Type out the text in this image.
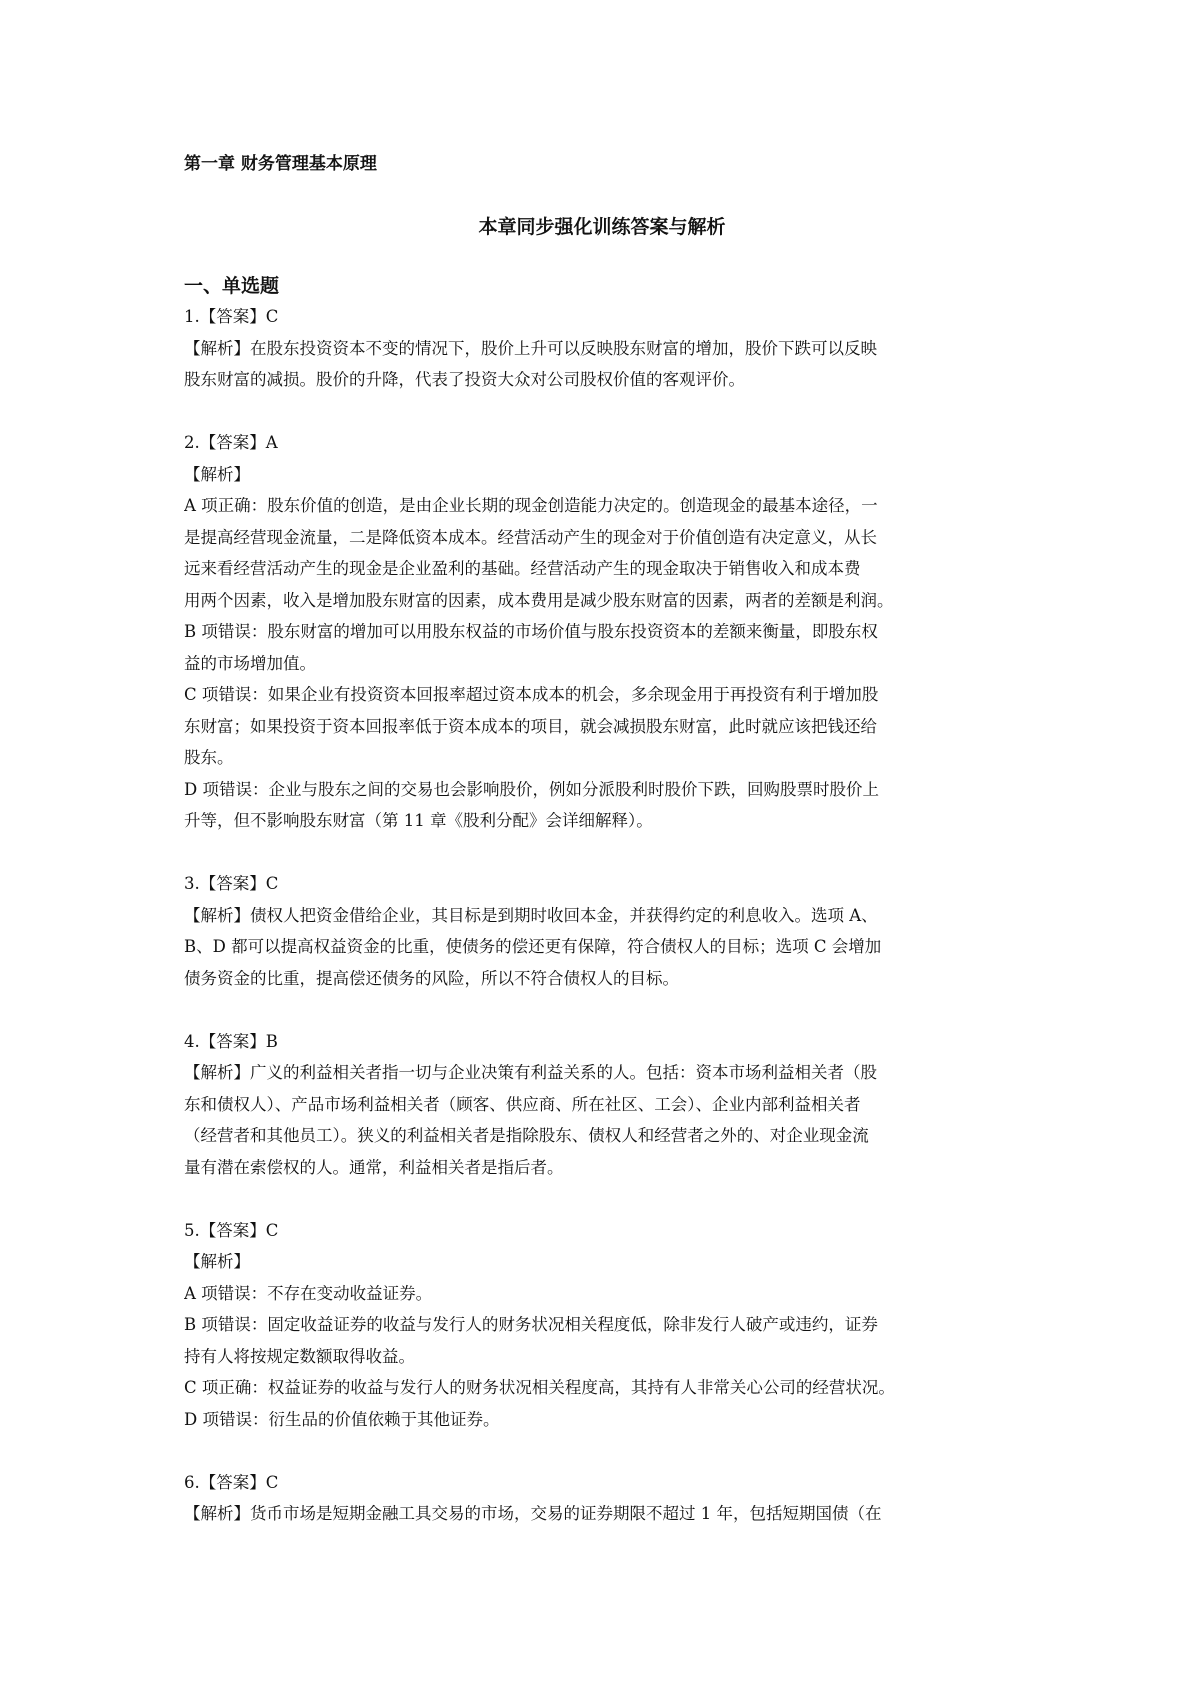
第一章 财务管理基本原理
本章同步强化训练答案与解析
一、单选题
1.【答案】C
【解析】在股东投资资本不变的情况下，股价上升可以反映股东财富的增加，股价下跌可以反映
股东财富的减损。股价的升降，代表了投资大众对公司股权价值的客观评价。
2.【答案】A
【解析】
A 项正确：股东价值的创造，是由企业长期的现金创造能力决定的。创造现金的最基本途径，一
是提高经营现金流量，二是降低资本成本。经营活动产生的现金对于价值创造有决定意义，从长
远来看经营活动产生的现金是企业盈利的基础。经营活动产生的现金取决于销售收入和成本费
用两个因素，收入是增加股东财富的因素，成本费用是减少股东财富的因素，两者的差额是利润。
B 项错误：股东财富的增加可以用股东权益的市场价值与股东投资资本的差额来衡量，即股东权
益的市场增加值。
C 项错误：如果企业有投资资本回报率超过资本成本的机会，多余现金用于再投资有利于增加股
东财富；如果投资于资本回报率低于资本成本的项目，就会减损股东财富，此时就应该把钱还给
股东。
D 项错误：企业与股东之间的交易也会影响股价，例如分派股利时股价下跌，回购股票时股价上
升等，但不影响股东财富（第 11 章《股利分配》会详细解释）。
3.【答案】C
【解析】债权人把资金借给企业，其目标是到期时收回本金，并获得约定的利息收入。选项 A、
B、D 都可以提高权益资金的比重，使债务的偿还更有保障，符合债权人的目标；选项 C 会增加
债务资金的比重，提高偿还债务的风险，所以不符合债权人的目标。
4.【答案】B
【解析】广义的利益相关者指一切与企业决策有利益关系的人。包括：资本市场利益相关者（股
东和债权人）、产品市场利益相关者（顾客、供应商、所在社区、工会）、企业内部利益相关者
（经营者和其他员工）。狭义的利益相关者是指除股东、债权人和经营者之外的、对企业现金流
量有潜在索偿权的人。通常，利益相关者是指后者。
5.【答案】C
【解析】
A 项错误：不存在变动收益证券。
B 项错误：固定收益证券的收益与发行人的财务状况相关程度低，除非发行人破产或违约，证券
持有人将按规定数额取得收益。
C 项正确：权益证券的收益与发行人的财务状况相关程度高，其持有人非常关心公司的经营状况。
D 项错误：衍生品的价值依赖于其他证券。
6.【答案】C
【解析】货币市场是短期金融工具交易的市场，交易的证券期限不超过 1 年，包括短期国债（在
